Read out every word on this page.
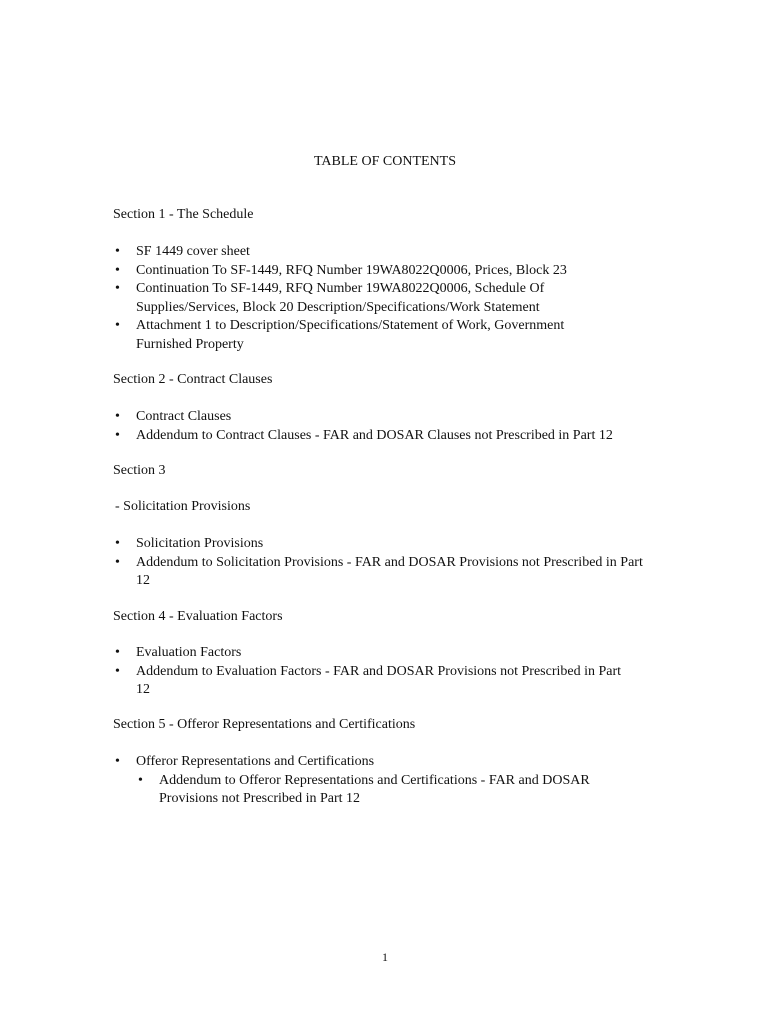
TABLE OF CONTENTS

Section 1 - The Schedule

• SF 1449 cover sheet
• Continuation To SF-1449, RFQ Number 19WA8022Q0006, Prices, Block 23
• Continuation To SF-1449, RFQ Number 19WA8022Q0006, Schedule Of Supplies/Services, Block 20 Description/Specifications/Work Statement
• Attachment 1 to Description/Specifications/Statement of Work, Government Furnished Property

Section 2 - Contract Clauses

• Contract Clauses
• Addendum to Contract Clauses - FAR and DOSAR Clauses not Prescribed in Part 12

Section 3

- Solicitation Provisions

• Solicitation Provisions
• Addendum to Solicitation Provisions - FAR and DOSAR Provisions not Prescribed in Part 12

Section 4 - Evaluation Factors

• Evaluation Factors
• Addendum to Evaluation Factors - FAR and DOSAR Provisions not Prescribed in Part 12

Section 5 - Offeror Representations and Certifications

• Offeror Representations and Certifications
• Addendum to Offeror Representations and Certifications - FAR and DOSAR Provisions not Prescribed in Part 12

1
